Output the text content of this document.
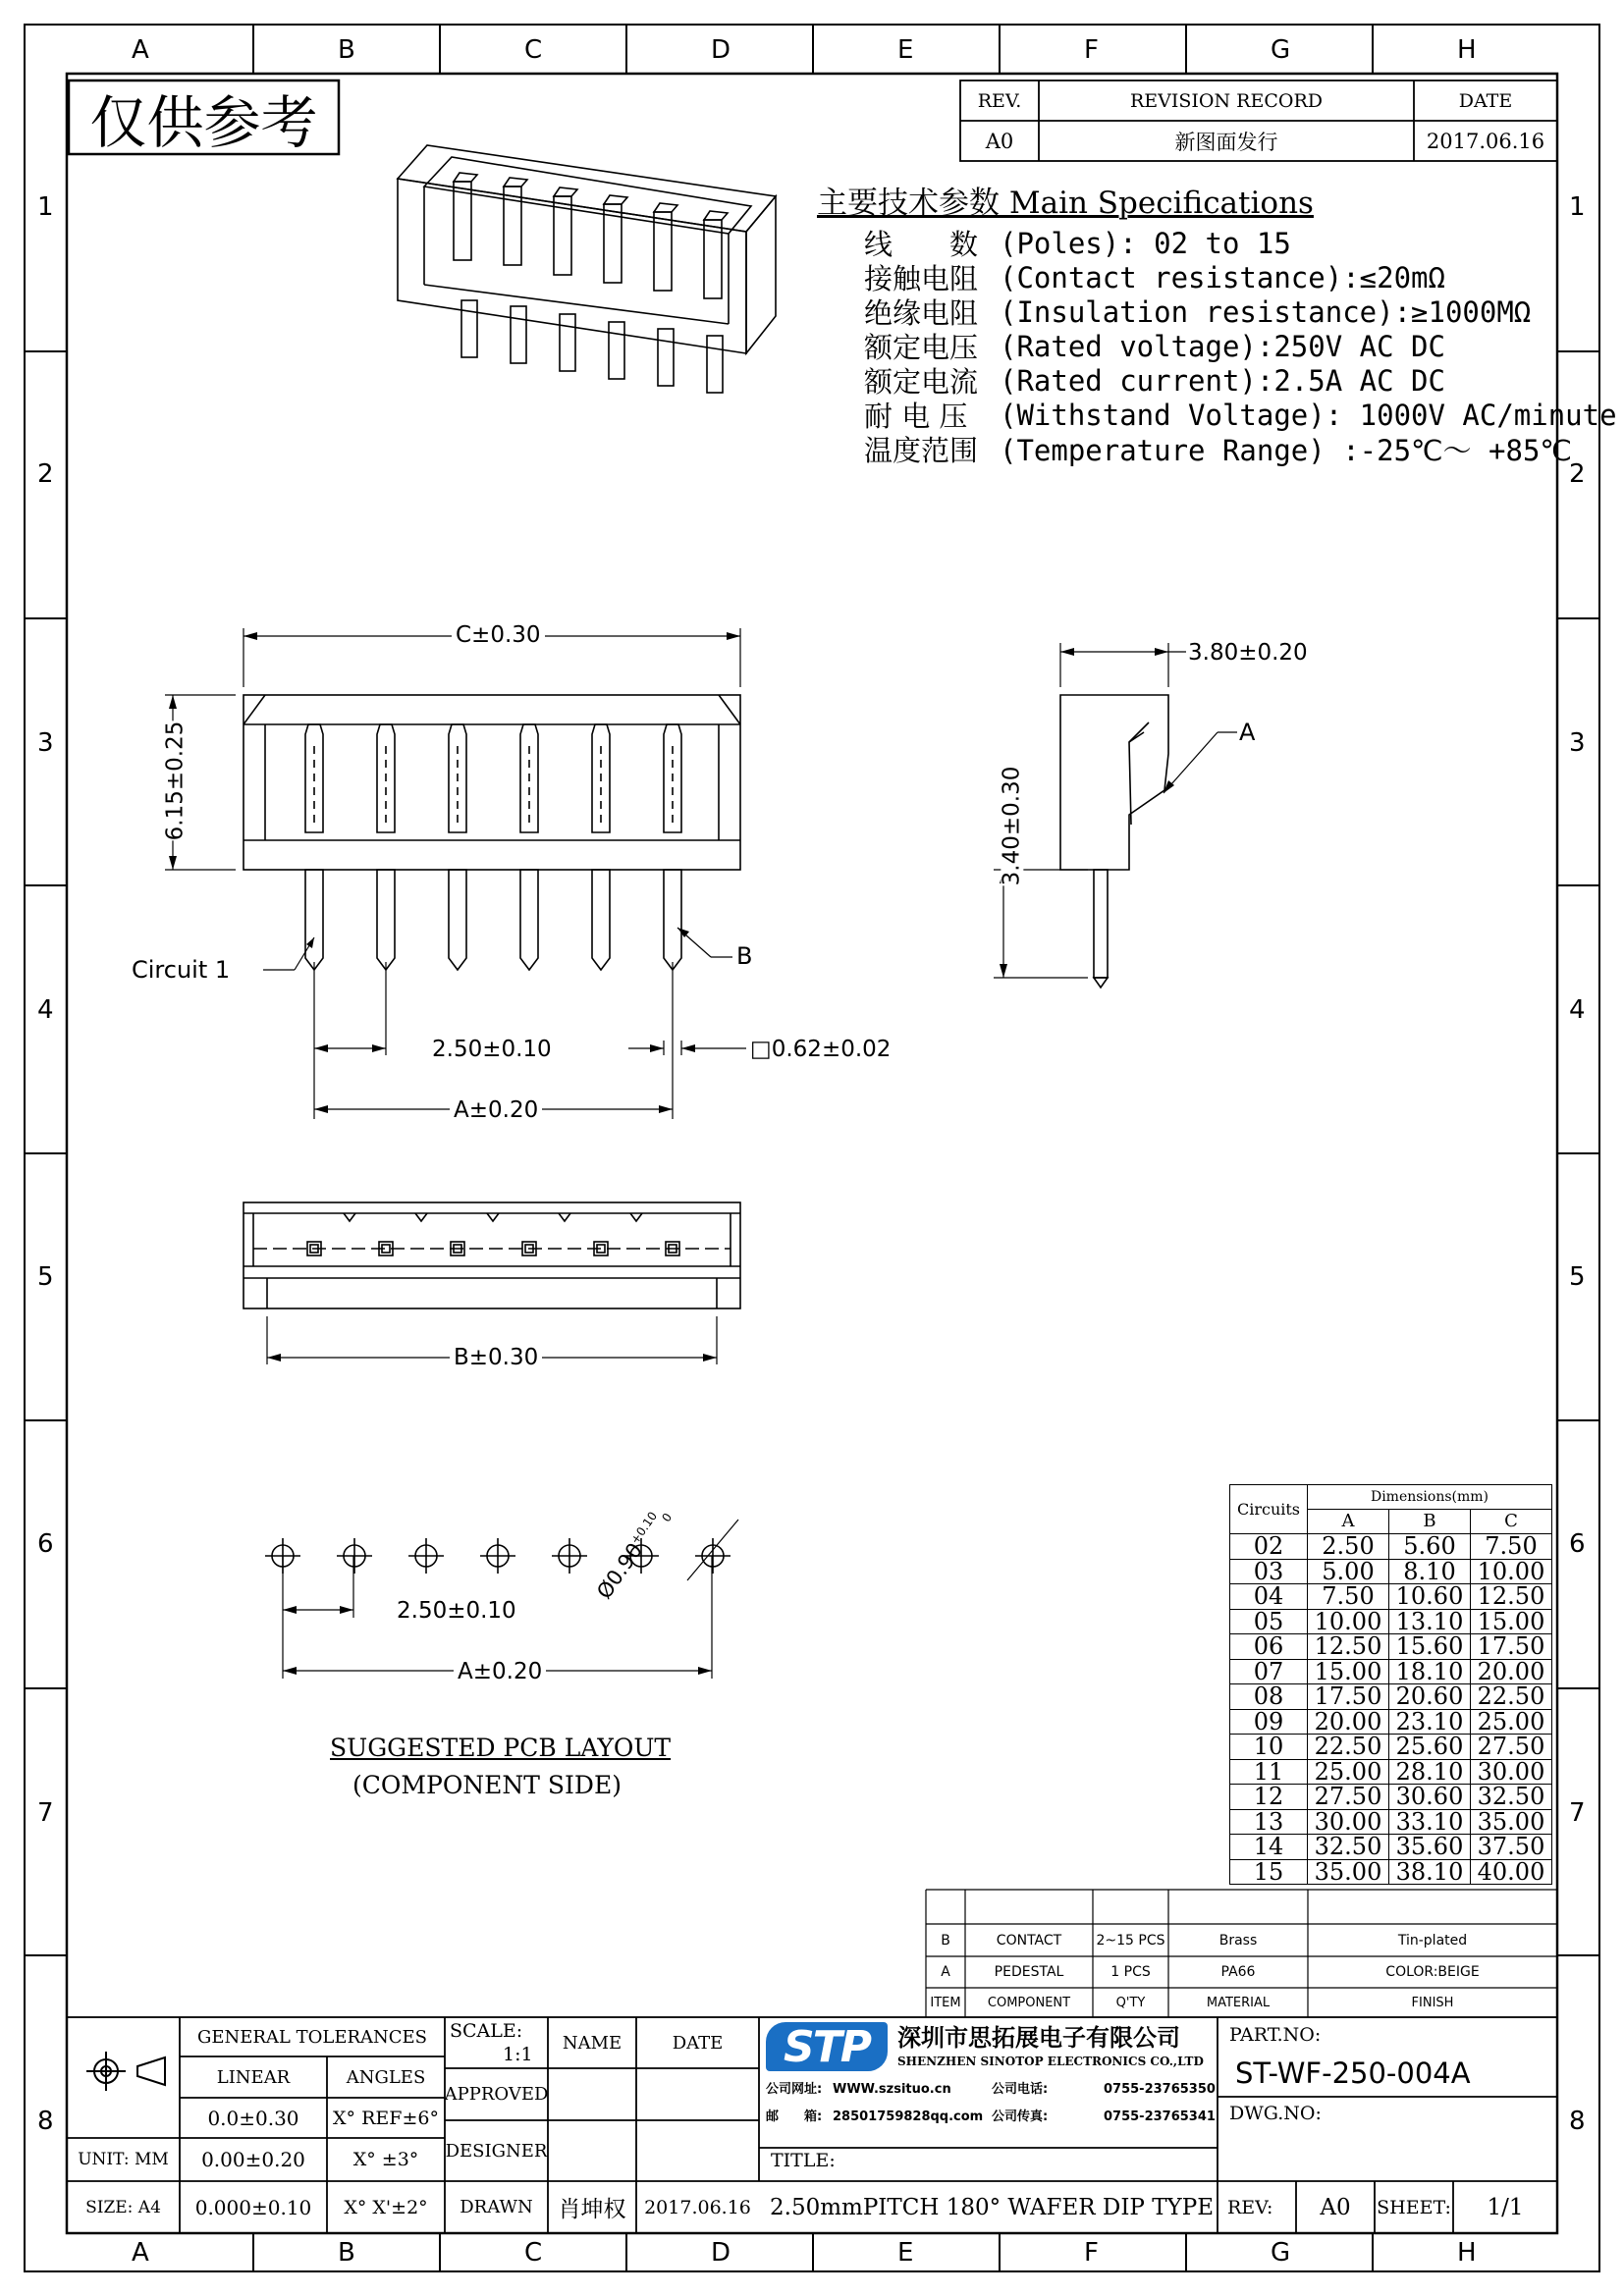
A	B	C	D	E	F	G	H
A	B	C	D	E	F	G	H
1
2
3
4
5
6
7
8
1
2
3
4
5
6
7
8
仅供参考	REV.	REVISION RECORD	DATE
A0	新图面发行	2017.06.16
主要技术参数 Main Specifications
线　　数 (Poles): 02 to 15
接触电阻 (Contact resistance):≤20mΩ
绝缘电阻 (Insulation resistance):≥1000MΩ
额定电压 (Rated voltage):250V AC DC
额定电流 (Rated current):2.5A AC DC
耐 电 压	(Withstand Voltage): 1000V AC/minute
温度范围 (Temperature Range) :-25℃～ +85℃
C±0.30
6.15±0.25
Circuit 1	B
2.50±0.10	□0.62±0.02
A±0.20
3.80±0.20
3.40±0.30
A
B±0.30
2.50±0.10
A±0.20
$Ø0.90^{+0.10}_0$
SUGGESTED PCB LAYOUT
(COMPONENT SIDE)
Circuits	Dimensions(mm)		
	A	B	C
02	2.50	5.60	7.50
03	5.00	8.10	10.00
04	7.50	10.60	12.50
05	10.00	13.10	15.00
06	12.50	15.60	17.50
07	15.00	18.10	20.00
08	17.50	20.60	22.50
09	20.00	23.10	25.00
10	22.50	25.60	27.50
11	25.00	28.10	30.00
12	27.50	30.60	32.50
13	30.00	33.10	35.00
14	32.50	35.60	37.50
15	35.00	38.10	40.00
B	CONTACT	2~15 PCS	Brass	Tin-plated
A	PEDESTAL	1 PCS	PA66	COLOR:BEIGE
ITEM	COMPONENT	Q'TY	MATERIAL	FINISH
GENERAL TOLERANCES
LINEAR	ANGLES
0.0±0.30	X° REF±6°
0.00±0.20	X° ±3°
0.000±0.10	X° X'±2°
UNIT: MM
SIZE: A4
SCALE:
1:1
NAME	DATE
APPROVED
DESIGNER
DRAWN	肖坤权 2017.06.16
STP	深圳市思拓展电子有限公司
SHENZHEN SINOTOP ELECTRONICS CO.,LTD
公司网址: WWW.szsituo.cn	公司电话:	0755-23765350
邮　　箱: 28501759828qq.com 公司传真:	0755-23765341
TITLE:
2.50mmPITCH 180° WAFER DIP TYPE
PART.NO:
ST-WF-250-004A
DWG.NO:
REV:	A0	SHEET:	1/1
